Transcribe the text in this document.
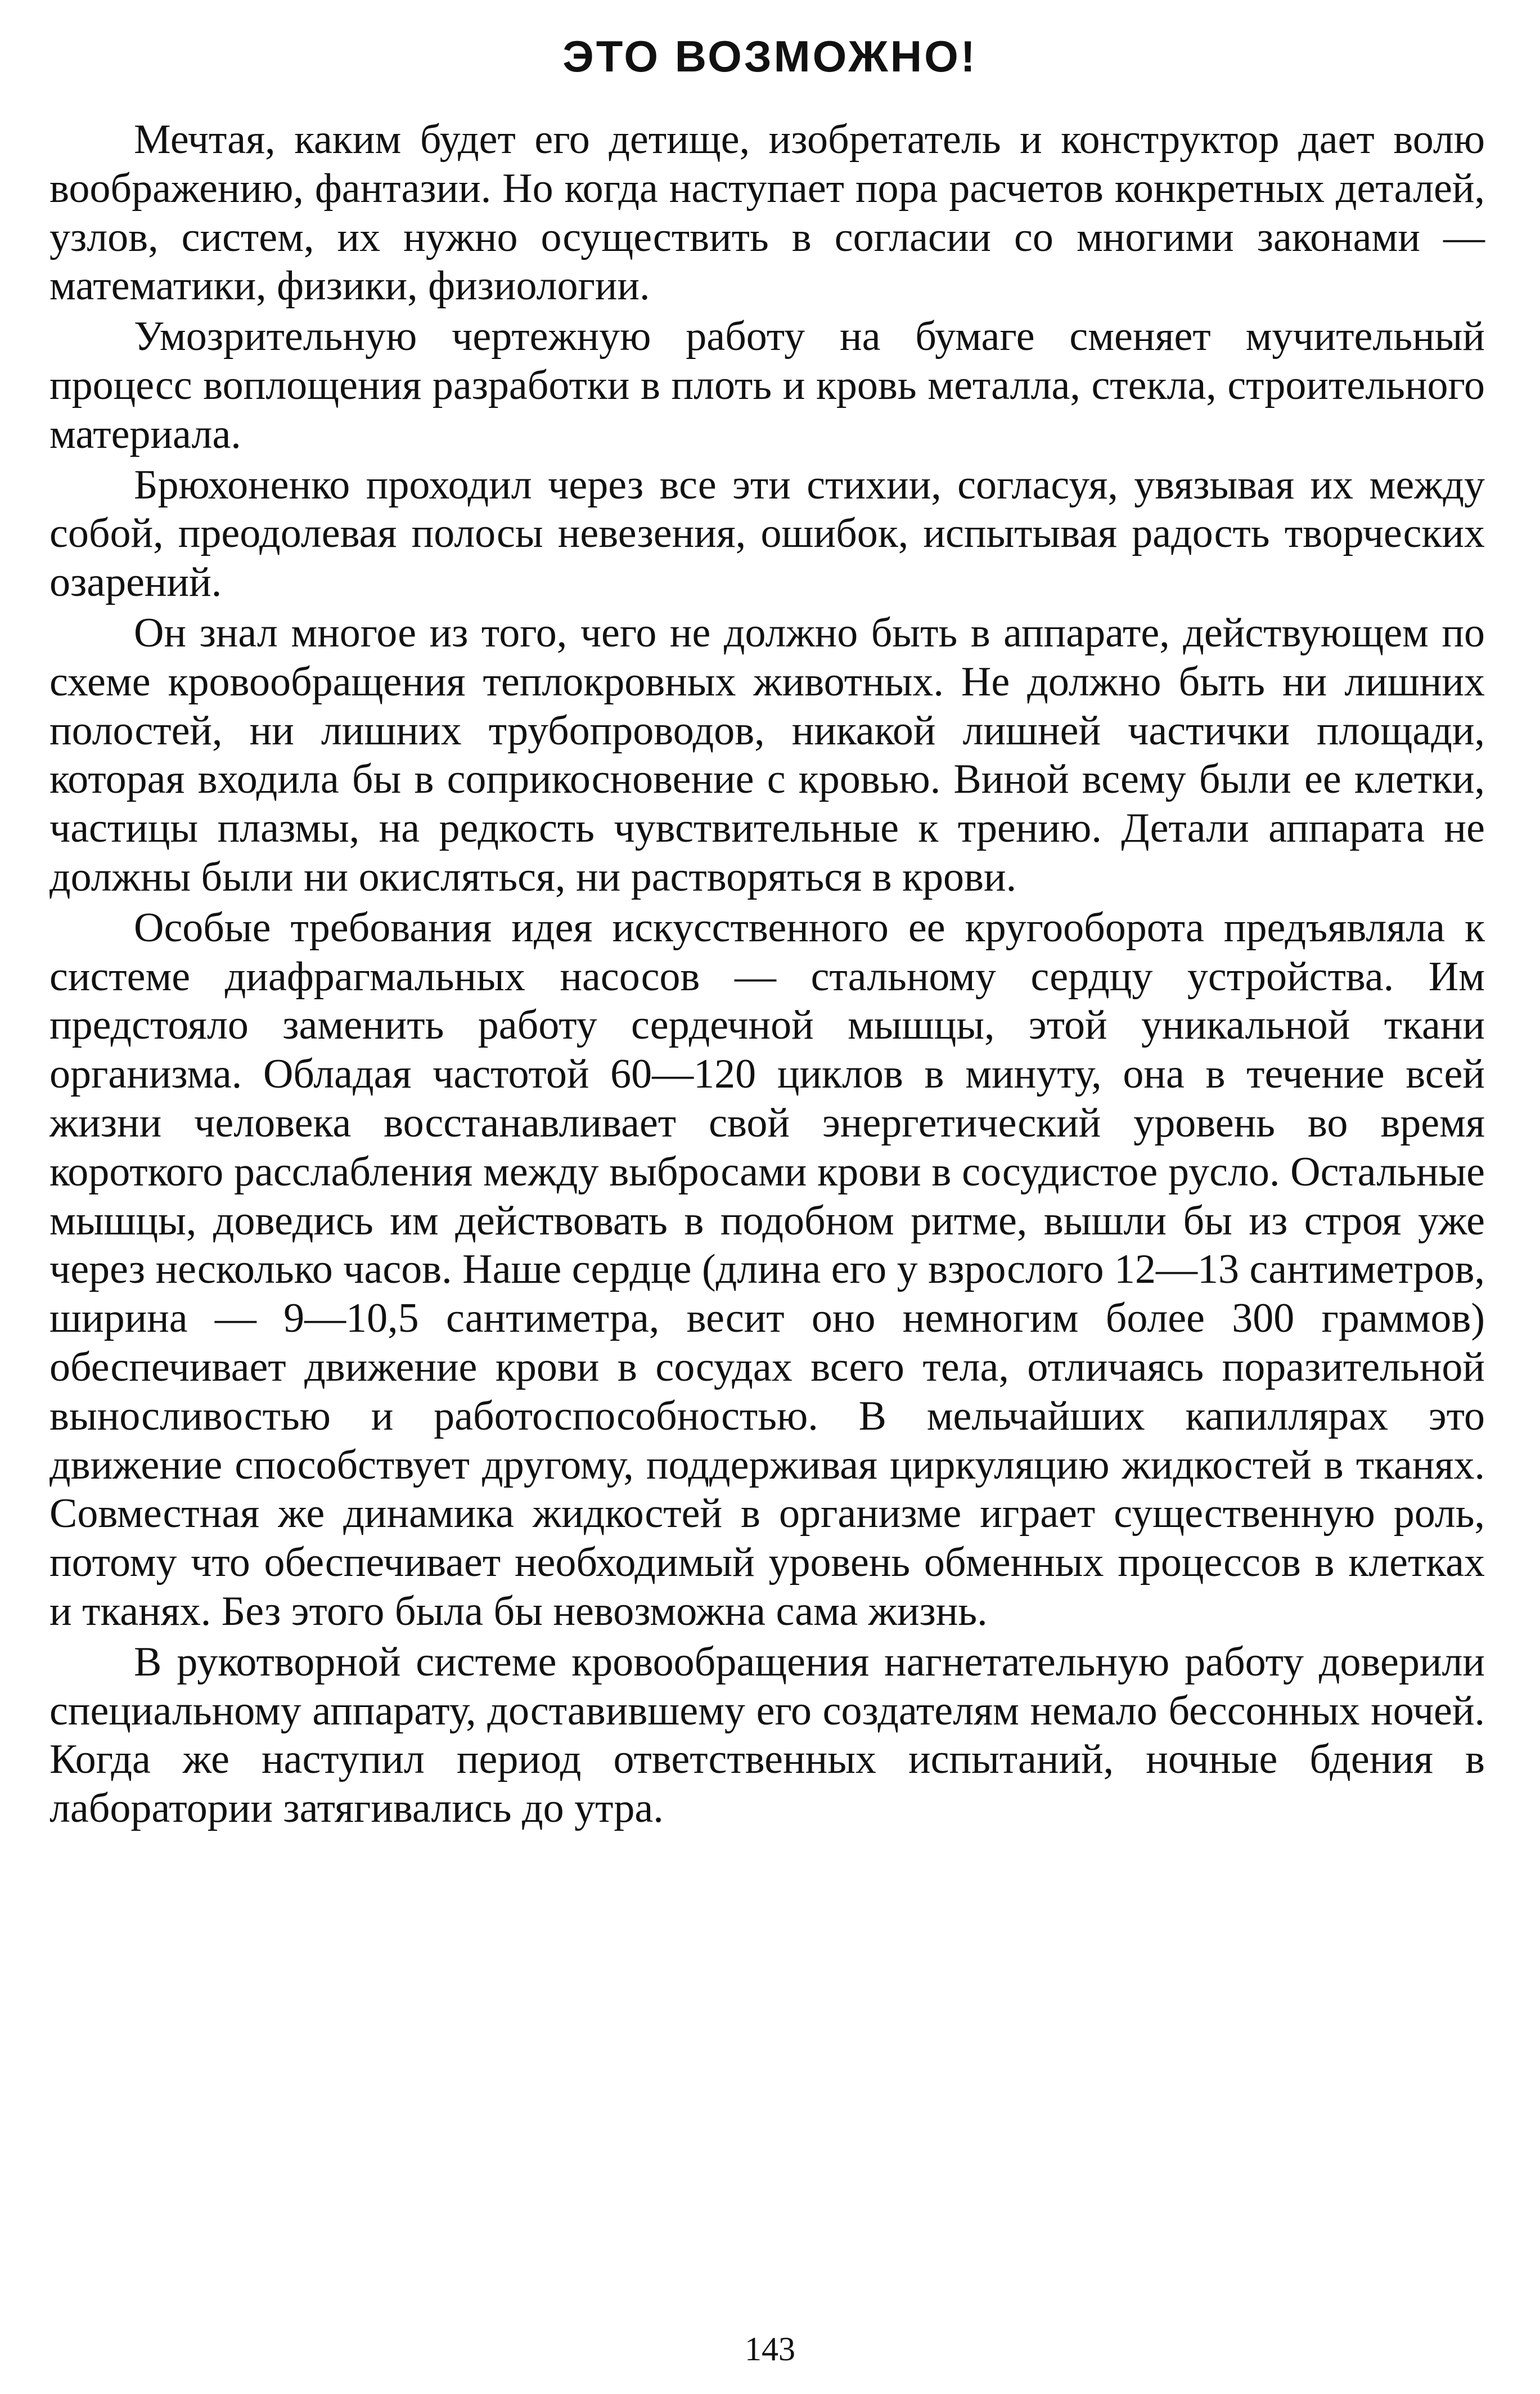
ЭТО ВОЗМОЖНО!

Мечтая, каким будет его детище, изобретатель и конструктор дает волю воображению, фантазии. Но когда наступает пора расчетов конкретных деталей, узлов, систем, их нужно осуществить в согласии со многими законами — математики, физики, физиологии.

Умозрительную чертежную работу на бумаге сменяет мучительный процесс воплощения разработки в плоть и кровь металла, стекла, строительного материала.

Брюхоненко проходил через все эти стихии, согласуя, увязывая их между собой, преодолевая полосы невезения, ошибок, испытывая радость творческих озарений.

Он знал многое из того, чего не должно быть в аппарате, действующем по схеме кровообращения теплокровных животных. Не должно быть ни лишних полостей, ни лишних трубопроводов, никакой лишней частички площади, которая входила бы в соприкосновение с кровью. Виной всему были ее клетки, частицы плазмы, на редкость чувствительные к трению. Детали аппарата не должны были ни окисляться, ни растворяться в крови.

Особые требования идея искусственного ее кругооборота предъявляла к системе диафрагмальных насосов — стальному сердцу устройства. Им предстояло заменить работу сердечной мышцы, этой уникальной ткани организма. Обладая частотой 60—120 циклов в минуту, она в течение всей жизни человека восстанавливает свой энергетический уровень во время короткого расслабления между выбросами крови в сосудистое русло. Остальные мышцы, доведись им действовать в подобном ритме, вышли бы из строя уже через несколько часов. Наше сердце (длина его у взрослого 12—13 сантиметров, ширина — 9—10,5 сантиметра, весит оно немногим более 300 граммов) обеспечивает движение крови в сосудах всего тела, отличаясь поразительной выносливостью и работоспособностью. В мельчайших капиллярах это движение способствует другому, поддерживая циркуляцию жидкостей в тканях. Совместная же динамика жидкостей в организме играет существенную роль, потому что обеспечивает необходимый уровень обменных процессов в клетках и тканях. Без этого была бы невозможна сама жизнь.

В рукотворной системе кровообращения нагнетательную работу доверили специальному аппарату, доставившему его создателям немало бессонных ночей. Когда же наступил период ответственных испытаний, ночные бдения в лаборатории затягивались до утра.

143
